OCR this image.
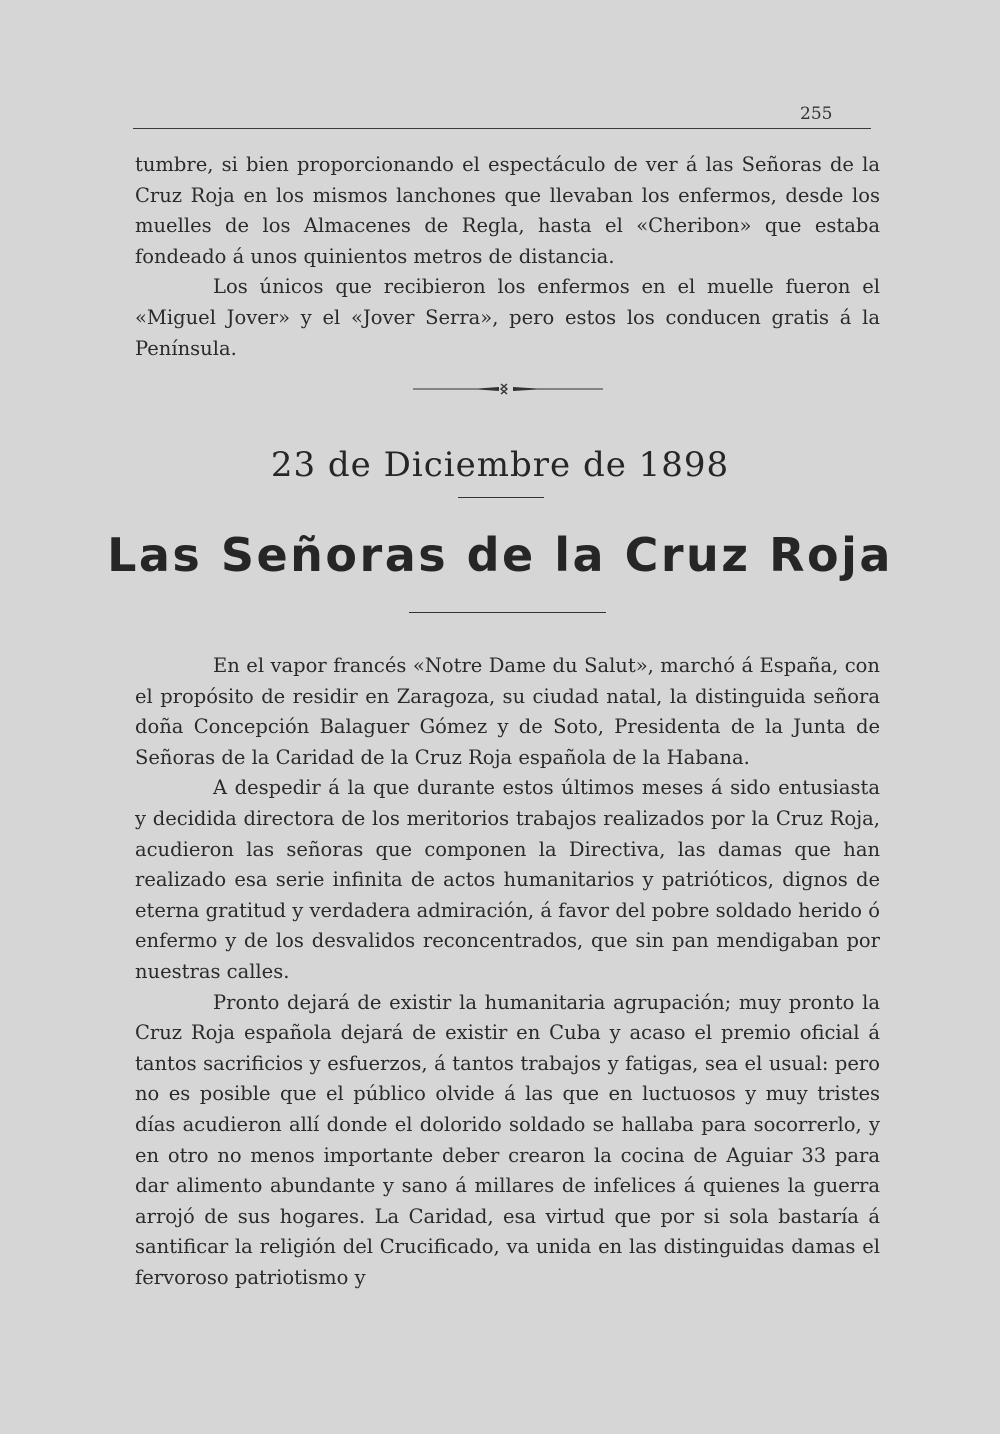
255

tumbre, si bien proporcionando el espectáculo de ver á las Señoras de la Cruz Roja en los mismos lanchones que llevaban los enfermos, desde los muelles de los Almacenes de Regla, hasta el «Cheribon» que estaba fondeado á unos quinientos metros de distancia.

Los únicos que recibieron los enfermos en el muelle fueron el «Miguel Jover» y el «Jover Serra», pero estos los conducen gratis á la Península.

23 de Diciembre de 1898
Las Señoras de la Cruz Roja

En el vapor francés «Notre Dame du Salut», marchó á España, con el propósito de residir en Zaragoza, su ciudad natal, la distinguida señora doña Concepción Balaguer Gómez y de Soto, Presidenta de la Junta de Señoras de la Caridad de la Cruz Roja española de la Habana.

A despedir á la que durante estos últimos meses á sido entusiasta y decidida directora de los meritorios trabajos realizados por la Cruz Roja, acudieron las señoras que componen la Directiva, las damas que han realizado esa serie infinita de actos humanitarios y patrióticos, dignos de eterna gratitud y verdadera admiración, á favor del pobre soldado herido ó enfermo y de los desvalidos reconcentrados, que sin pan mendigaban por nuestras calles.

Pronto dejará de existir la humanitaria agrupación; muy pronto la Cruz Roja española dejará de existir en Cuba y acaso el premio oficial á tantos sacrificios y esfuerzos, á tantos trabajos y fatigas, sea el usual: pero no es posible que el público olvide á las que en luctuosos y muy tristes días acudieron allí donde el dolorido soldado se hallaba para socorrerlo, y en otro no menos importante deber crearon la cocina de Aguiar 33 para dar alimento abundante y sano á millares de infelices á quienes la guerra arrojó de sus hogares. La Caridad, esa virtud que por si sola bastaría á santificar la religión del Crucificado, va unida en las distinguidas damas el fervoroso patriotismo y
